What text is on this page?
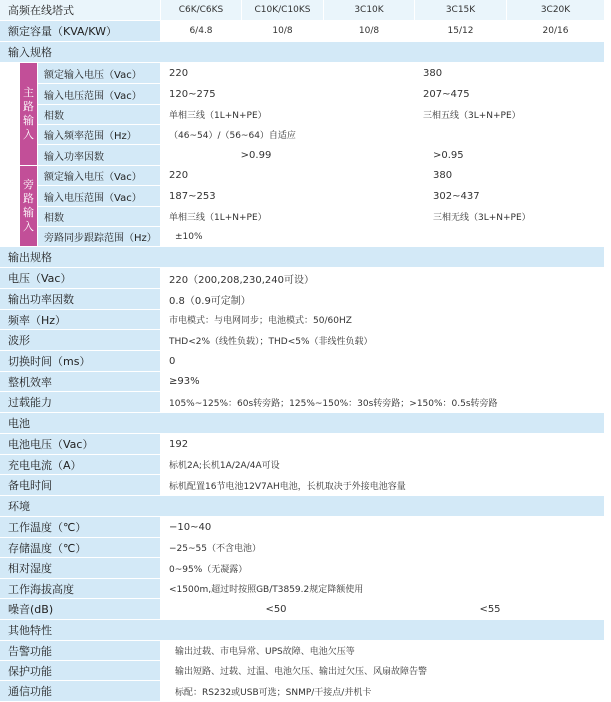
高频在线塔式	C6K/C6KS	C10K/C10KS	3C10K	3C15K	3C20K
额定容量（KVA/KW）	6/4.8	10/8	10/8	15/12	20/16
输入规格
主
路
输
入
额定输入电压（Vac）	220	380
输入电压范围（Vac）	120~275	207~475
相数	单相三线（1L+N+PE）	三相五线（3L+N+PE）
输入频率范围（Hz）	（46~54）/（56~64）自适应
输入功率因数	>0.99	>0.95
旁
路
输
入
额定输入电压（Vac）	220	380
输入电压范围（Vac）	187~253	302~437
相数	单相三线（1L+N+PE）	三相无线（3L+N+PE）
旁路同步跟踪范围（Hz）	±10%
输出规格
电压（Vac）	220（200,208,230,240可设）
输出功率因数	0.8（0.9可定制）
频率（Hz）	市电模式：与电网同步；电池模式：50/60HZ
波形	THD<2%（线性负载）；THD<5%（非线性负载）
切换时间（ms）	0
整机效率	≥93%
过载能力	105%~125%：60s转旁路；125%~150%：30s转旁路；>150%：0.5s转旁路
电池
电池电压（Vac）	192
充电电流（A）	标机2A;长机1A/2A/4A可设
备电时间	标机配置16节电池12V7AH电池，长机取决于外接电池容量
环境
工作温度（℃）	−10~40
存储温度（℃）	−25~55（不含电池）
相对湿度	0~95%（无凝露）
工作海拔高度	<1500m,超过时按照GB/T3859.2规定降额使用
噪音(dB)	<50	<55
其他特性
告警功能	输出过载、市电异常、UPS故障、电池欠压等
保护功能	输出短路、过载、过温、电池欠压、输出过欠压、风扇故障告警
通信功能	标配：RS232或USB可选；SNMP/干接点/并机卡
